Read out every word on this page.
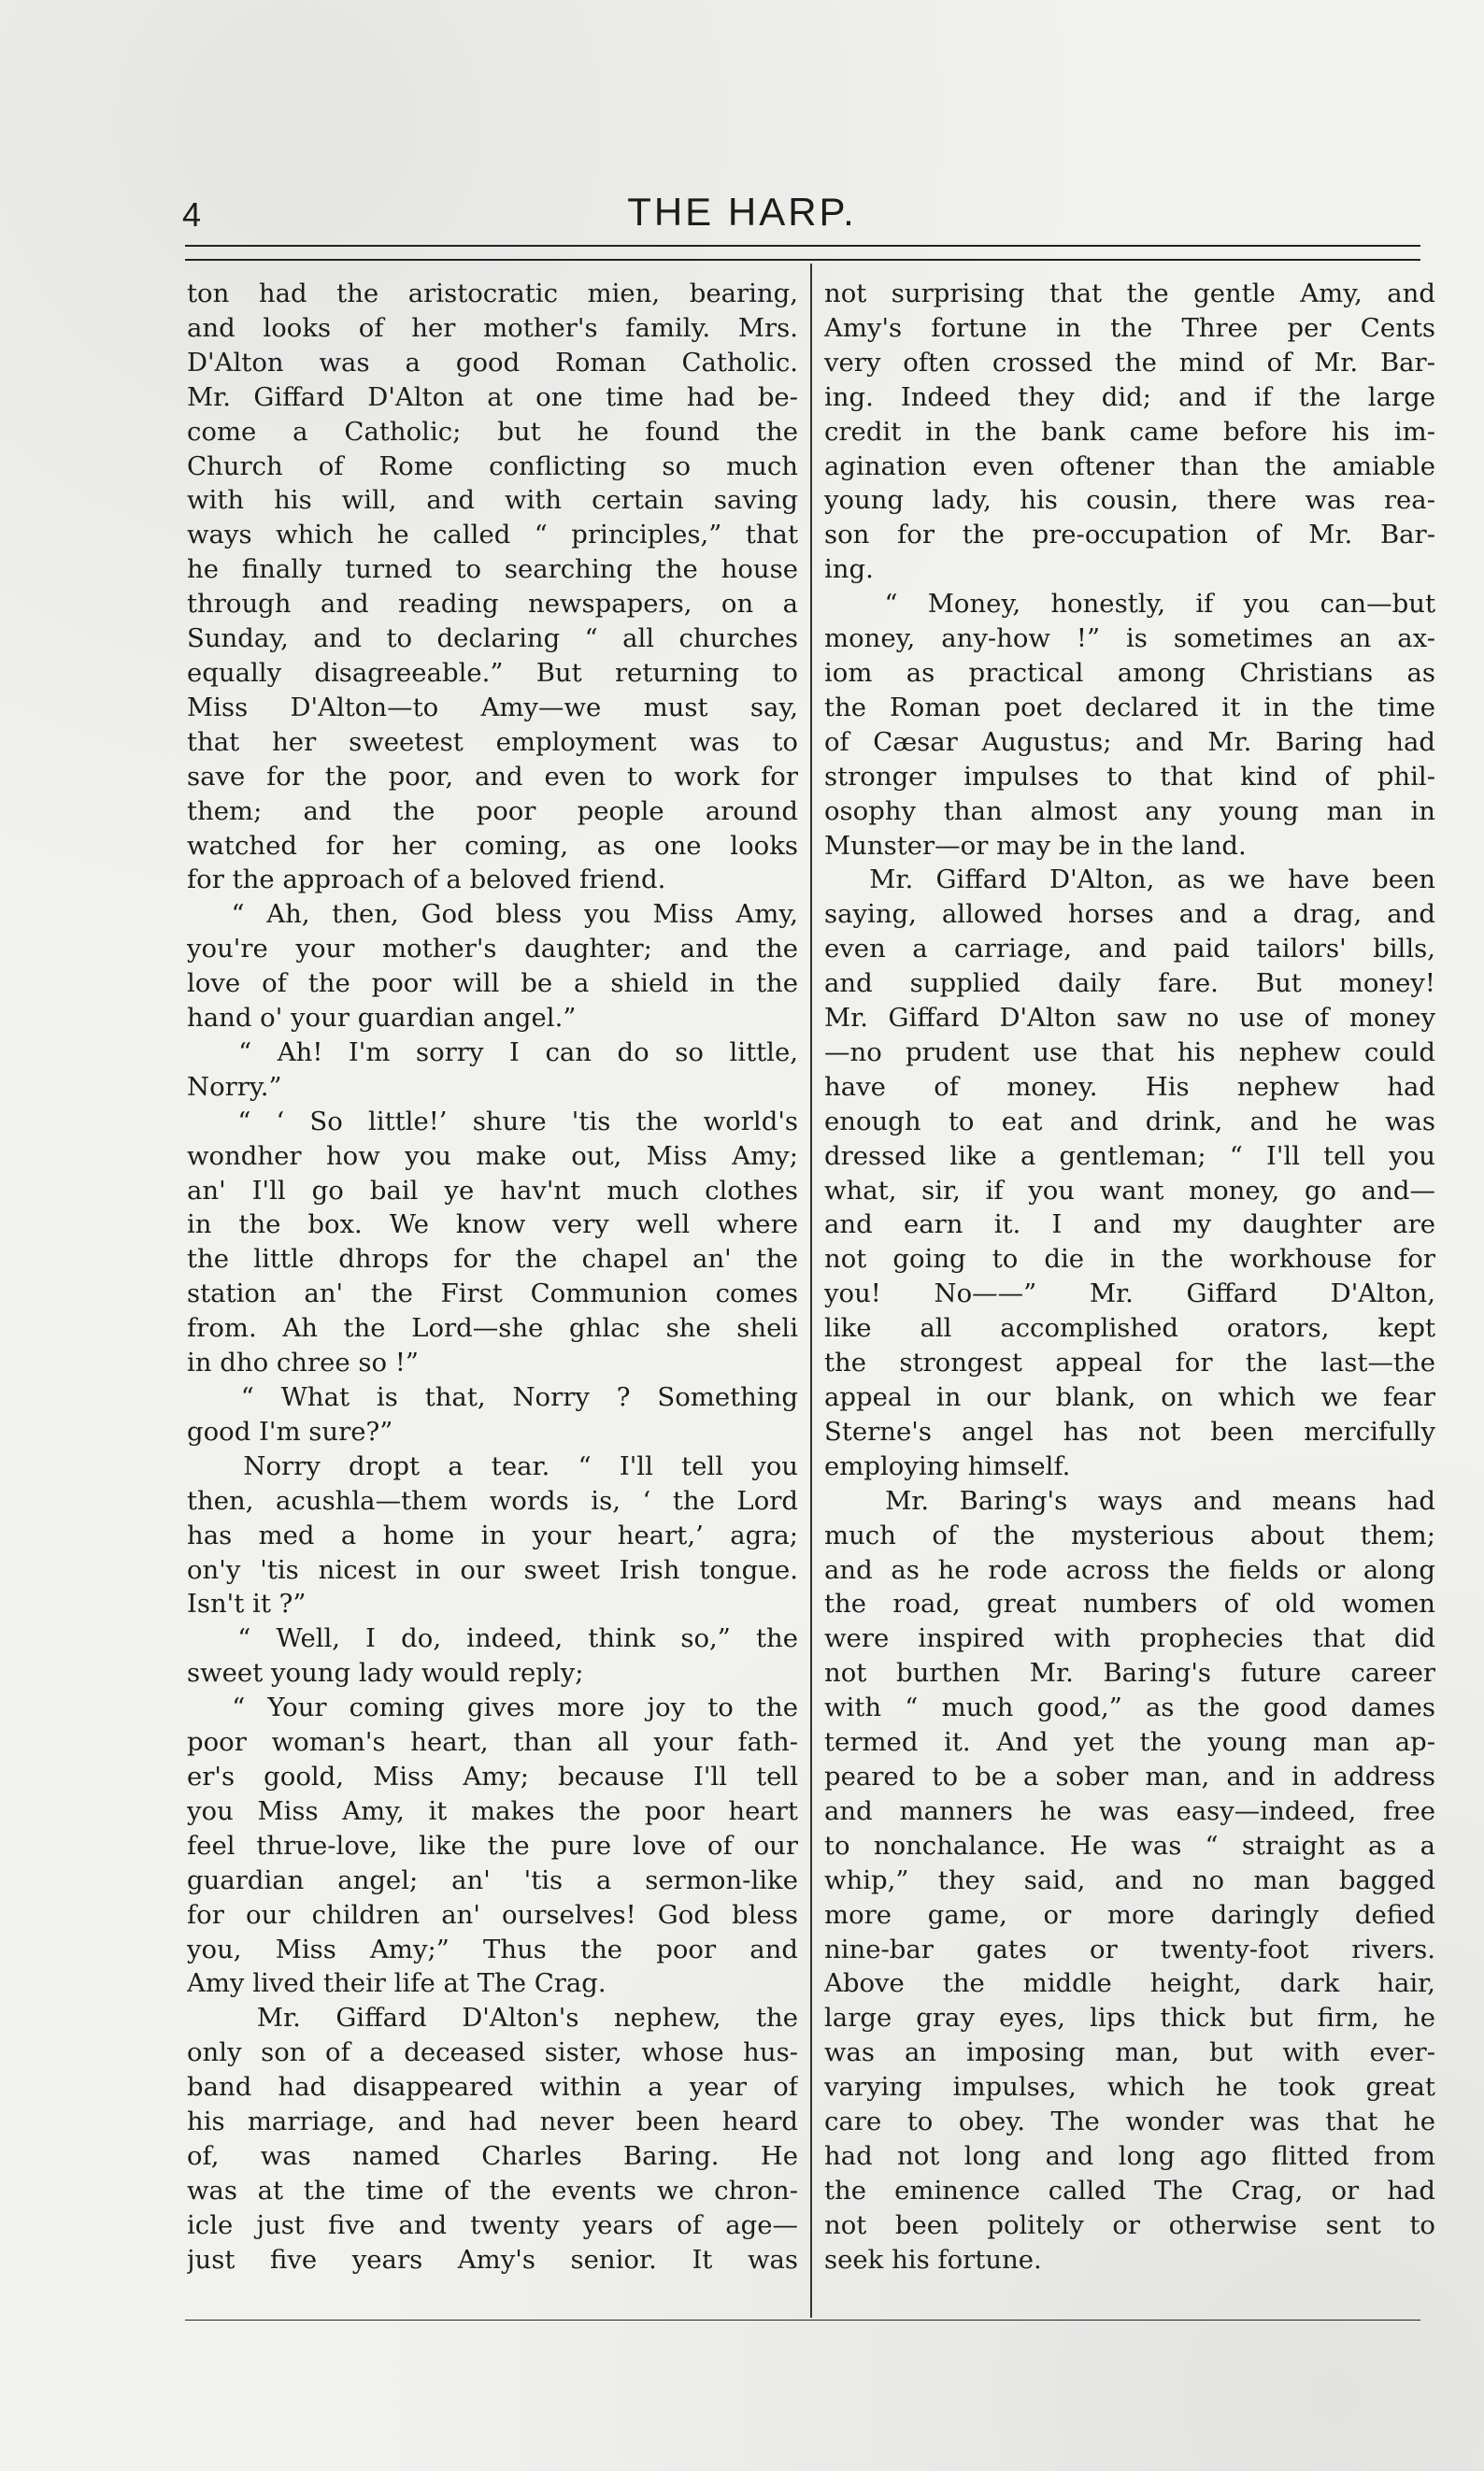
4	THE HARP.
ton had the aristocratic mien, bearing,
and looks of her mother's family. Mrs.
D'Alton was a good Roman Catholic.
Mr. Giffard D'Alton at one time had be-
come a Catholic; but he found the
Church of Rome conflicting so much
with his will, and with certain saving
ways which he called “ principles,” that
he finally turned to searching the house
through and reading newspapers, on a
Sunday, and to declaring “ all churches
equally disagreeable.” But returning to
Miss D'Alton—to Amy—we must say,
that her sweetest employment was to
save for the poor, and even to work for
them; and the poor people around
watched for her coming, as one looks
for the approach of a beloved friend.
“ Ah, then, God bless you Miss Amy,
you're your mother's daughter; and the
love of the poor will be a shield in the
hand o' your guardian angel.”
“ Ah! I'm sorry I can do so little,
Norry.”
“ ‘ So little!’ shure 'tis the world's
wondher how you make out, Miss Amy;
an' I'll go bail ye hav'nt much clothes
in the box. We know very well where
the little dhrops for the chapel an' the
station an' the First Communion comes
from. Ah the Lord—she ghlac she sheli
in dho chree so !”
“ What is that, Norry ? Something
good I'm sure?”
Norry dropt a tear. “ I'll tell you
then, acushla—them words is, ‘ the Lord
has med a home in your heart,’ agra;
on'y 'tis nicest in our sweet Irish tongue.
Isn't it ?”
“ Well, I do, indeed, think so,” the
sweet young lady would reply;
“ Your coming gives more joy to the
poor woman's heart, than all your fath-
er's goold, Miss Amy; because I'll tell
you Miss Amy, it makes the poor heart
feel thrue-love, like the pure love of our
guardian angel; an' 'tis a sermon-like
for our children an' ourselves! God bless
you, Miss Amy;” Thus the poor and
Amy lived their life at The Crag.
Mr. Giffard D'Alton's nephew, the
only son of a deceased sister, whose hus-
band had disappeared within a year of
his marriage, and had never been heard
of, was named Charles Baring. He
was at the time of the events we chron-
icle just five and twenty years of age—
just five years Amy's senior. It was
not surprising that the gentle Amy, and
Amy's fortune in the Three per Cents
very often crossed the mind of Mr. Bar-
ing. Indeed they did; and if the large
credit in the bank came before his im-
agination even oftener than the amiable
young lady, his cousin, there was rea-
son for the pre-occupation of Mr. Bar-
ing.
“ Money, honestly, if you can—but
money, any-how !” is sometimes an ax-
iom as practical among Christians as
the Roman poet declared it in the time
of Cæsar Augustus; and Mr. Baring had
stronger impulses to that kind of phil-
osophy than almost any young man in
Munster—or may be in the land.
Mr. Giffard D'Alton, as we have been
saying, allowed horses and a drag, and
even a carriage, and paid tailors' bills,
and supplied daily fare. But money!
Mr. Giffard D'Alton saw no use of money
—no prudent use that his nephew could
have of money. His nephew had
enough to eat and drink, and he was
dressed like a gentleman; “ I'll tell you
what, sir, if you want money, go and—
and earn it. I and my daughter are
not going to die in the workhouse for
you! No——” Mr. Giffard D'Alton,
like all accomplished orators, kept
the strongest appeal for the last—the
appeal in our blank, on which we fear
Sterne's angel has not been mercifully
employing himself.
Mr. Baring's ways and means had
much of the mysterious about them;
and as he rode across the fields or along
the road, great numbers of old women
were inspired with prophecies that did
not burthen Mr. Baring's future career
with “ much good,” as the good dames
termed it. And yet the young man ap-
peared to be a sober man, and in address
and manners he was easy—indeed, free
to nonchalance. He was “ straight as a
whip,” they said, and no man bagged
more game, or more daringly defied
nine-bar gates or twenty-foot rivers.
Above the middle height, dark hair,
large gray eyes, lips thick but firm, he
was an imposing man, but with ever-
varying impulses, which he took great
care to obey. The wonder was that he
had not long and long ago flitted from
the eminence called The Crag, or had
not been politely or otherwise sent to
seek his fortune.
